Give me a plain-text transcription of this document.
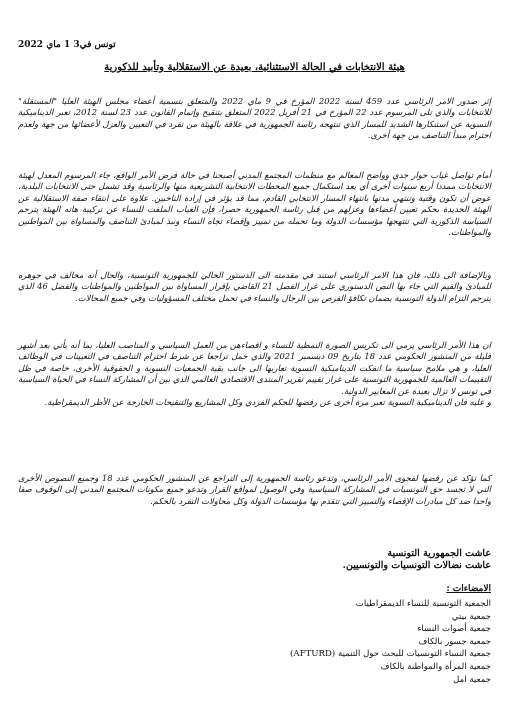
تونس في3 1 ماي 2022
هيئة الانتخابات في الحالة الاستثنائية، بعيدة عن الاستقلالية وتأبيد للذكورية

إثر صدور الامر الرئاسي عدد 459 لسنة 2022 المؤرخ في 9 ماي 2022 والمتعلق بتسمية أعضاء مجلس الهيئة العليا "المستقلة" للانتخابات والذي تلى المرسوم عدد 22 المؤرخ في 21 أفريل 2022 المتعلق بتنقيح وإتمام القانون عدد 23 لسنة 2012، تعبر الديناميكية النسوية عن استنكارها الشديد للمسار الذي تنتهجه رئاسة الجمهورية في علاقة بالهيئة من تفرد في التعيين والعزل لأعضائها من جهة ولعدم احترام مبدأ التناصف من جهة أخرى.

أمام تواصل غياب حوار جدي وواضح المعالم مع منظمات المجتمع المدني أصبحنا في حالة فرض الأمر الواقع، جاء المرسوم المعدل لهيئة الانتخابات ممددا أربع سنوات أخرى أي بعد استكمال جميع المحطات الانتخابية التشريعية منها والرئاسية وقد تشمل حتى الانتخابات البلدية، عوض أن تكون وقتية وتنتهي مدتها بانتهاء المسار الانتخابي القادم، مما قد يؤثر في إرادة الناخبين. علاوة على انتقاء صفة الاستقلالية عن الهيئة الجديدة بحكم تعيين أعضاءها وعزلهم من قبل رئاسة الجمهورية حصرا، فإن الغياب الملفت للنساء عن تركيبة هاته الهيئة يترجم السياسة الذكورية التي تنتهجها مؤسسات الدولة وما تحمله من تمييز وإقصاء تجاه النساء ونبذ لمبادئ التناصف والمساواة بين المواطنين والمواطنات.

وبالإضافة الى ذلك، فان هذا الامر الرئاسي استند في مقدمته الى الدستور الحالي للجمهورية التونسية، والحال أنه مخالف في جوهره للمبادئ والقيم التي جاء بها النص الدستوري على غرار الفصل 21 القاضي بإقرار المساواة بين المواطنين والمواطنات والفصل 46 الذي يترجم التزام الدولة التونسية بضمان تكافؤ الفرص بين الرجال والنساء في تحمل مختلف المسؤوليات وفي جميع المجالات.

ان هذا الأمر الرئاسي يرمي الى تكريس الصورة النمطية للنساء و اقصاءهن من العمل السياسي و المناصب العليا، بما أنه يأتي بعد أشهر قليلة من المنشور الحكومي عدد 18 بتاريخ 09 ديسمبر 2021 والذي حمل تراجعا عن شرط احترام التناصف في التعيينات في الوظائف العليا، و هي ملامح سياسية ما انفكت الديناميكية النسوية تعاربها الى جانب بقية الجمعيات النسوية و الحقوقية الأخرى، خاصة في ظل التقييمات العالمية للجمهورية التونسية على غرار تقييم تقرير المنتدى الاقتصادي العالمي الذي بين أن المشاركة النساء في الحياة السياسية في تونس لا تزال بعيدة عن المعايير الدولية.
و عليه فان الديناميكية النسوية تعبر مرة أخرى عن رفضها للحكم الفردي وكل المشاريع والتنقيحات الخارجة عن الأطر الديمقراطية.

كما تؤكد عن رفضها لفجوى الأمر الرئاسي، وتدعو رئاسة الجمهورية إلى التراجع عن المنشور الحكومي عدد 18 وجميع النصوص الأخرى التي لا تجسد حق التونسيات في المشاركة السياسية وفي الوصول لمواقع القرار وتدعو جميع مكونات المجتمع المدني إلى الوقوف صفا واحدا ضد كل مبادرات الإقصاء والتمييز التي تتقدم بها مؤسسات الدولة وكل محاولات التفرد بالحكم.

عاشت الجمهورية التونسية
عاشت نضالات التونسيات والتونسيين.
الامضاءات :
الجمعية التونسية للنساء الديمقراطيات
جمعية بيتي
جمعية أصوات النساء
جمعية جسور بالكاف
جمعية النساء التونسيات للبحث حول التنمية (AFTURD)
جمعية المرأة والمواطنة بالكاف
جمعية امل
